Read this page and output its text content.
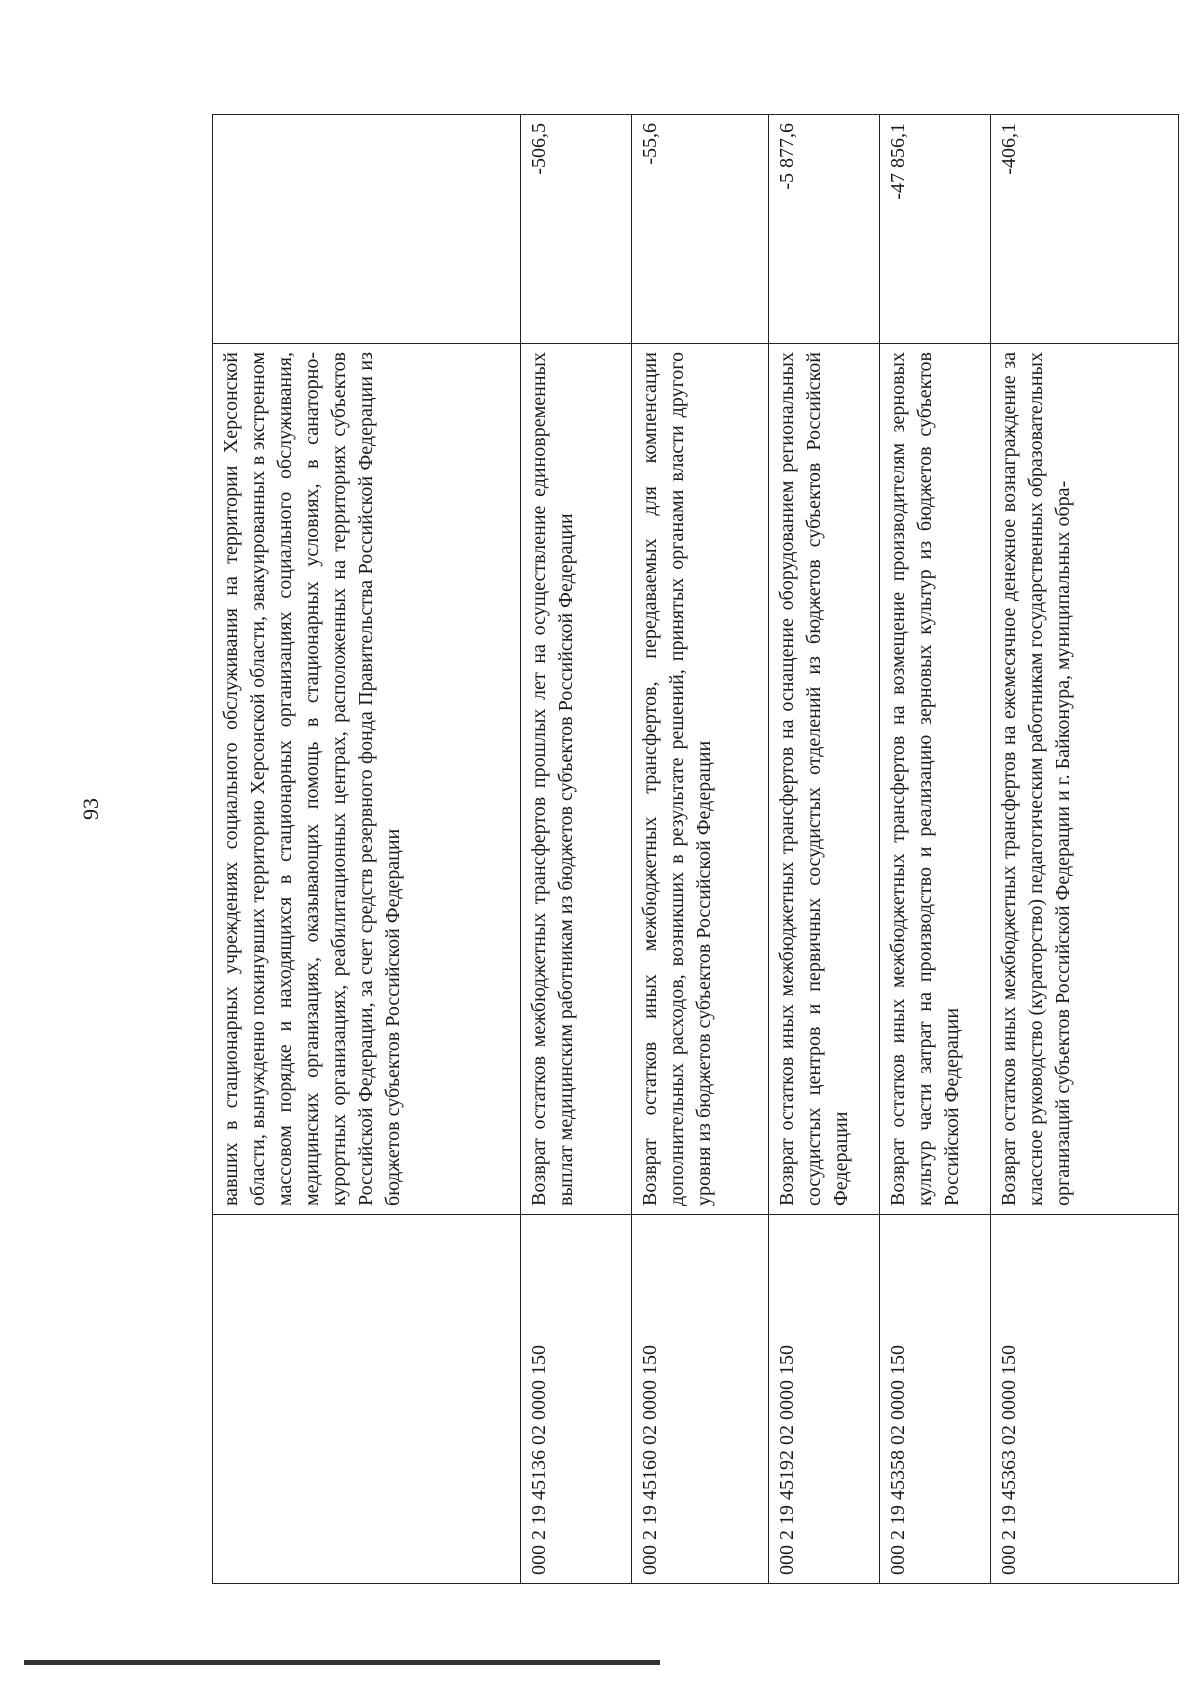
93

	вавших в стационарных учреждениях социального обслуживания на территории Херсонской области, вынужденно покинувших территорию Херсонской области, эвакуированных в экстренном массовом порядке и находящихся в стационарных организациях социального обслуживания, медицинских организациях, оказывающих помощь в стационарных условиях, в санаторно-курортных организациях, реабилитационных центрах, расположенных на территориях субъектов Российской Федерации, за счет средств резервного фонда Правительства Российской Федерации из бюджетов субъектов Российской Федерации	

000 2 19 45136 02 0000 150	Возврат остатков межбюджетных трансфертов прошлых лет на осуществление единовременных выплат медицинским работникам из бюджетов субъектов Российской Федерации	-506,5
000 2 19 45160 02 0000 150	Возврат остатков иных межбюджетных трансфертов, передаваемых для компенсации дополнительных расходов, возникших в результате решений, принятых органами власти другого уровня из бюджетов субъектов Российской Федерации	-55,6
000 2 19 45192 02 0000 150	Возврат остатков иных межбюджетных трансфертов на оснащение оборудованием региональных сосудистых центров и первичных сосудистых отделений из бюджетов субъектов Российской Федерации	-5 877,6
000 2 19 45358 02 0000 150	Возврат остатков иных межбюджетных трансфертов на возмещение производителям зерновых культур части затрат на производство и реализацию зерновых культур из бюджетов субъектов Российской Федерации	-47 856,1
000 2 19 45363 02 0000 150	Возврат остатков иных межбюджетных трансфертов на ежемесячное денежное вознаграждение за классное руководство (кураторство) педагогическим работникам государственных образовательных организаций субъектов Российской Федерации и г. Байконура, муниципальных обра-	-406,1
